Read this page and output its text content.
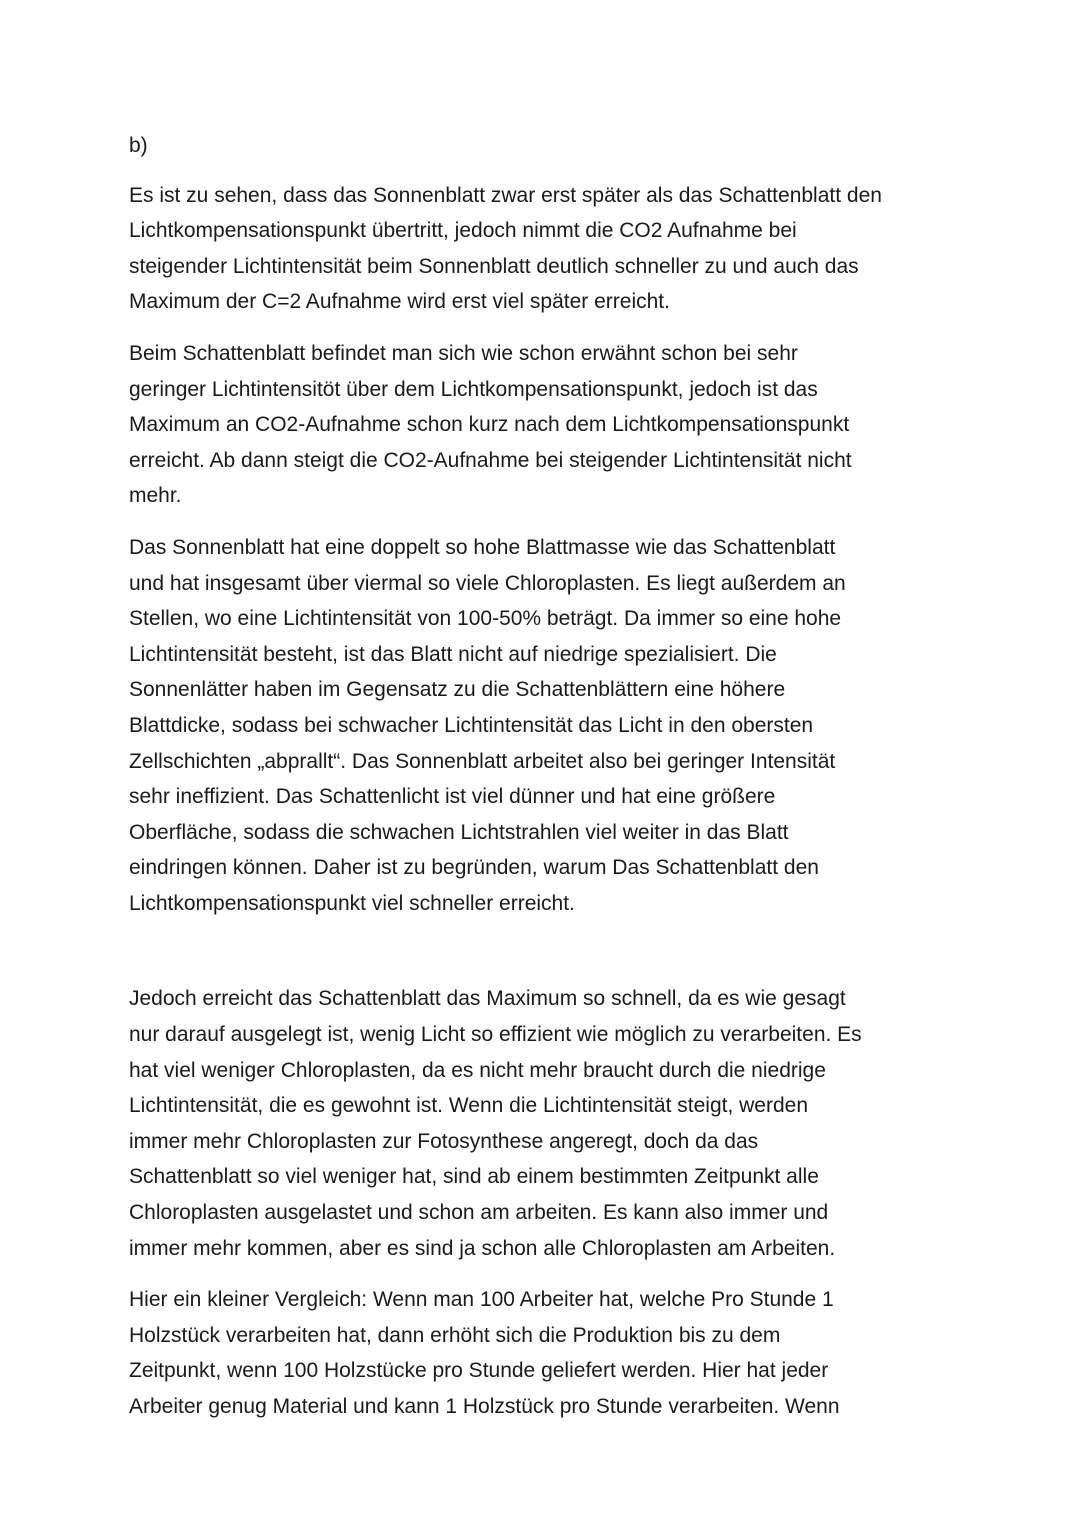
b)
Es ist zu sehen, dass das Sonnenblatt zwar erst später als das Schattenblatt den
Lichtkompensationspunkt übertritt, jedoch nimmt die CO2 Aufnahme bei
steigender Lichtintensität beim Sonnenblatt deutlich schneller zu und auch das
Maximum der C=2 Aufnahme wird erst viel später erreicht.
Beim Schattenblatt befindet man sich wie schon erwähnt schon bei sehr
geringer Lichtintensitöt über dem Lichtkompensationspunkt, jedoch ist das
Maximum an CO2-Aufnahme schon kurz nach dem Lichtkompensationspunkt
erreicht. Ab dann steigt die CO2-Aufnahme bei steigender Lichtintensität nicht
mehr.
Das Sonnenblatt hat eine doppelt so hohe Blattmasse wie das Schattenblatt
und hat insgesamt über viermal so viele Chloroplasten. Es liegt außerdem an
Stellen, wo eine Lichtintensität von 100-50% beträgt. Da immer so eine hohe
Lichtintensität besteht, ist das Blatt nicht auf niedrige spezialisiert. Die
Sonnenlätter haben im Gegensatz zu die Schattenblättern eine höhere
Blattdicke, sodass bei schwacher Lichtintensität das Licht in den obersten
Zellschichten „abprallt“. Das Sonnenblatt arbeitet also bei geringer Intensität
sehr ineffizient. Das Schattenlicht ist viel dünner und hat eine größere
Oberfläche, sodass die schwachen Lichtstrahlen viel weiter in das Blatt
eindringen können. Daher ist zu begründen, warum Das Schattenblatt den
Lichtkompensationspunkt viel schneller erreicht.
Jedoch erreicht das Schattenblatt das Maximum so schnell, da es wie gesagt
nur darauf ausgelegt ist, wenig Licht so effizient wie möglich zu verarbeiten. Es
hat viel weniger Chloroplasten, da es nicht mehr braucht durch die niedrige
Lichtintensität, die es gewohnt ist. Wenn die Lichtintensität steigt, werden
immer mehr Chloroplasten zur Fotosynthese angeregt, doch da das
Schattenblatt so viel weniger hat, sind ab einem bestimmten Zeitpunkt alle
Chloroplasten ausgelastet und schon am arbeiten. Es kann also immer und
immer mehr kommen, aber es sind ja schon alle Chloroplasten am Arbeiten.
Hier ein kleiner Vergleich: Wenn man 100 Arbeiter hat, welche Pro Stunde 1
Holzstück verarbeiten hat, dann erhöht sich die Produktion bis zu dem
Zeitpunkt, wenn 100 Holzstücke pro Stunde geliefert werden. Hier hat jeder
Arbeiter genug Material und kann 1 Holzstück pro Stunde verarbeiten. Wenn
